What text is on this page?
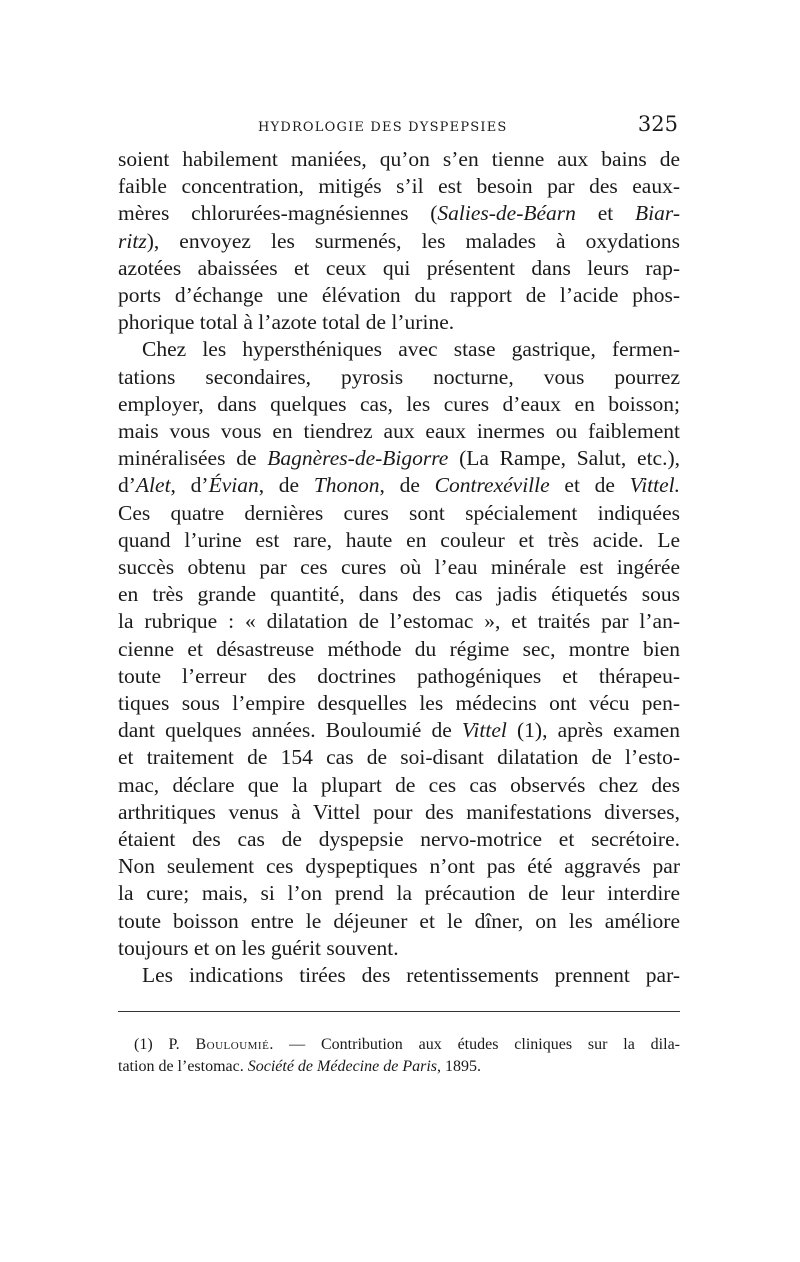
HYDROLOGIE DES DYSPEPSIES	325
soient habilement maniées, qu’on s’en tienne aux bains de
faible concentration, mitigés s’il est besoin par des eaux-
mères chlorurées-magnésiennes (Salies-de-Béarn et Biar-
ritz), envoyez les surmenés, les malades à oxydations
azotées abaissées et ceux qui présentent dans leurs rap-
ports d’échange une élévation du rapport de l’acide phos-
phorique total à l’azote total de l’urine.
Chez les hypersthéniques avec stase gastrique, fermen-
tations secondaires, pyrosis nocturne, vous pourrez
employer, dans quelques cas, les cures d’eaux en boisson;
mais vous vous en tiendrez aux eaux inermes ou faiblement
minéralisées de Bagnères-de-Bigorre (La Rampe, Salut, etc.),
d’Alet, d’Évian, de Thonon, de Contrexéville et de Vittel.
Ces quatre dernières cures sont spécialement indiquées
quand l’urine est rare, haute en couleur et très acide. Le
succès obtenu par ces cures où l’eau minérale est ingérée
en très grande quantité, dans des cas jadis étiquetés sous
la rubrique : « dilatation de l’estomac », et traités par l’an-
cienne et désastreuse méthode du régime sec, montre bien
toute l’erreur des doctrines pathogéniques et thérapeu-
tiques sous l’empire desquelles les médecins ont vécu pen-
dant quelques années. Bouloumié de Vittel (1), après examen
et traitement de 154 cas de soi-disant dilatation de l’esto-
mac, déclare que la plupart de ces cas observés chez des
arthritiques venus à Vittel pour des manifestations diverses,
étaient des cas de dyspepsie nervo-motrice et secrétoire.
Non seulement ces dyspeptiques n’ont pas été aggravés par
la cure; mais, si l’on prend la précaution de leur interdire
toute boisson entre le déjeuner et le dîner, on les améliore
toujours et on les guérit souvent.
Les indications tirées des retentissements prennent par-
(1) P. Bouloumié. — Contribution aux études cliniques sur la dila-
tation de l’estomac. Société de Médecine de Paris, 1895.
